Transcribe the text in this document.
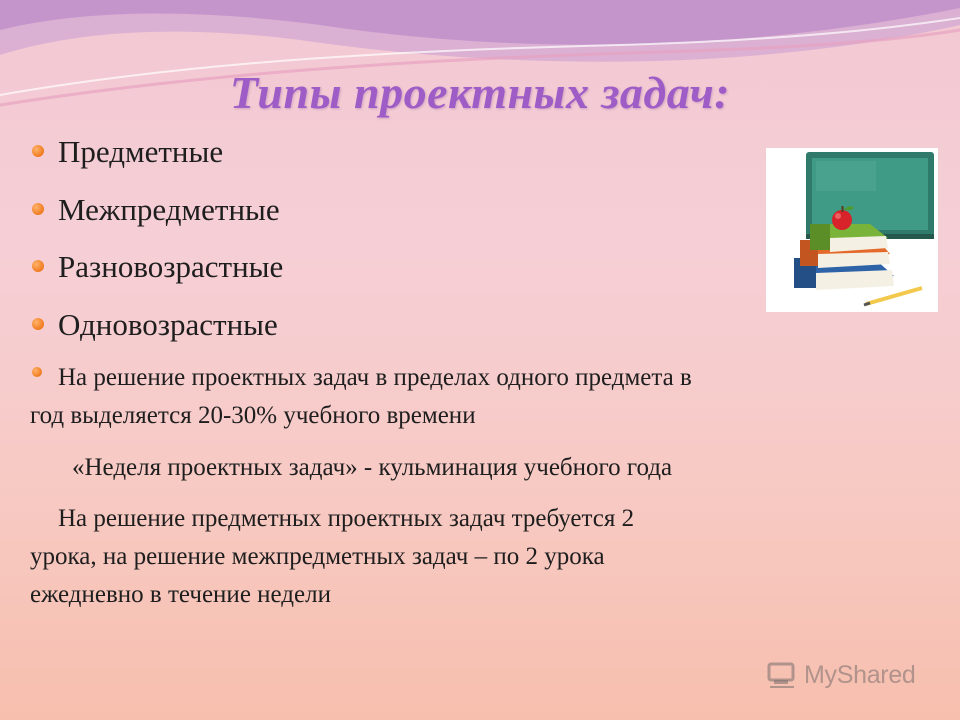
Типы проектных задач:
Предметные
Межпредметные
Разновозрастные
Одновозрастные
На решение проектных задач в пределах одного предмета в
год выделяется 20-30% учебного времени
«Неделя проектных задач» - кульминация учебного года
На решение предметных проектных задач требуется 2
урока, на решение межпредметных задач – по 2 урока
ежедневно в течение недели
MyShared
